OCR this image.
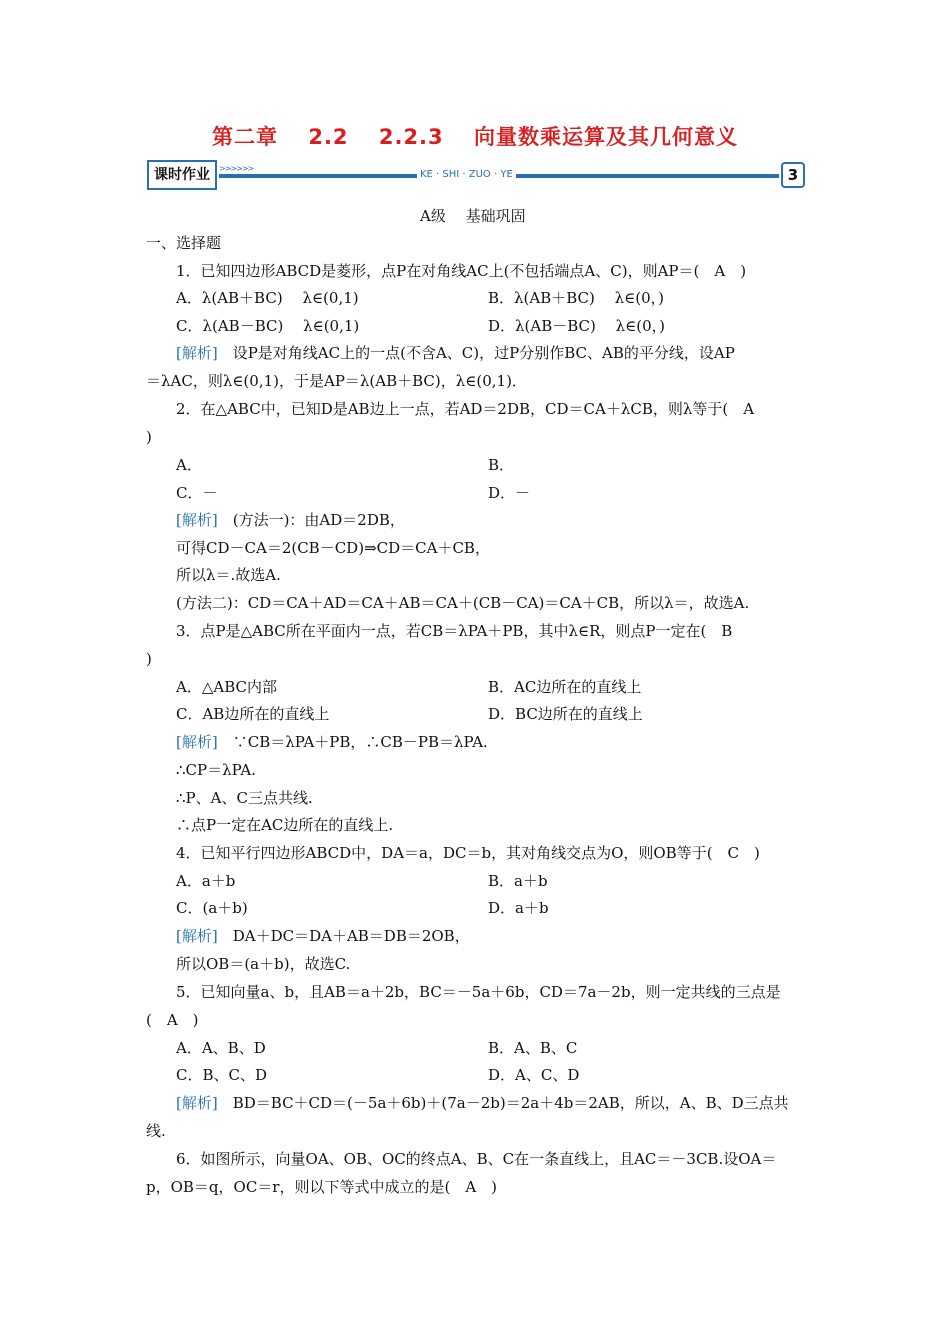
第二章　 2.2　 2.2.3　 向量数乘运算及其几何意义
课时作业	>>>>>>
KE · SHI · ZUO · YE	3
A级　 基础巩固
一、选择题
1．已知四边形ABCD是菱形，点P在对角线AC上(不包括端点A、C)，则AP＝(　A　)
A．λ(AB＋BC)　 λ∈(0,1)	B．λ(AB＋BC)　 λ∈(0，)
C．λ(AB－BC)　 λ∈(0,1)	D．λ(AB－BC)　 λ∈(0，)
[解析]　设P是对角线AC上的一点(不含A、C)，过P分别作BC、AB的平分线，设AP
＝λAC，则λ∈(0,1)，于是AP＝λ(AB＋BC)，λ∈(0,1)．
2．在△ABC中，已知D是AB边上一点，若AD＝2DB，CD＝CA＋λCB，则λ等于(　A
)
A．	B．
C．－	D．－
[解析]　(方法一)：由AD＝2DB，
可得CD－CA＝2(CB－CD)⇒CD＝CA＋CB，
所以λ＝.故选A.
(方法二)：CD＝CA＋AD＝CA＋AB＝CA＋(CB－CA)＝CA＋CB，所以λ＝，故选A.
3．点P是△ABC所在平面内一点，若CB＝λPA＋PB，其中λ∈R，则点P一定在(　B
)
A．△ABC内部	B．AC边所在的直线上
C．AB边所在的直线上	D．BC边所在的直线上
[解析]　∵CB＝λPA＋PB，∴CB－PB＝λPA.
∴CP＝λPA.
∴P、A、C三点共线.
∴点P一定在AC边所在的直线上.
4．已知平行四边形ABCD中，DA＝a，DC＝b，其对角线交点为O，则OB等于(　C　)
A．a＋b	B．a＋b
C．(a＋b)	D．a＋b
[解析]　DA＋DC＝DA＋AB＝DB＝2OB，
所以OB＝(a＋b)，故选C.
5．已知向量a、b，且AB＝a＋2b，BC＝－5a＋6b，CD＝7a－2b，则一定共线的三点是
(　A　)
A．A、B、D	B．A、B、C
C．B、C、D	D．A、C、D
[解析]　BD＝BC＋CD＝(－5a＋6b)＋(7a－2b)＝2a＋4b＝2AB，所以，A、B、D三点共
线.
6．如图所示，向量OA、OB、OC的终点A、B、C在一条直线上，且AC＝－3CB.设OA＝
p，OB＝q，OC＝r，则以下等式中成立的是(　A　)
